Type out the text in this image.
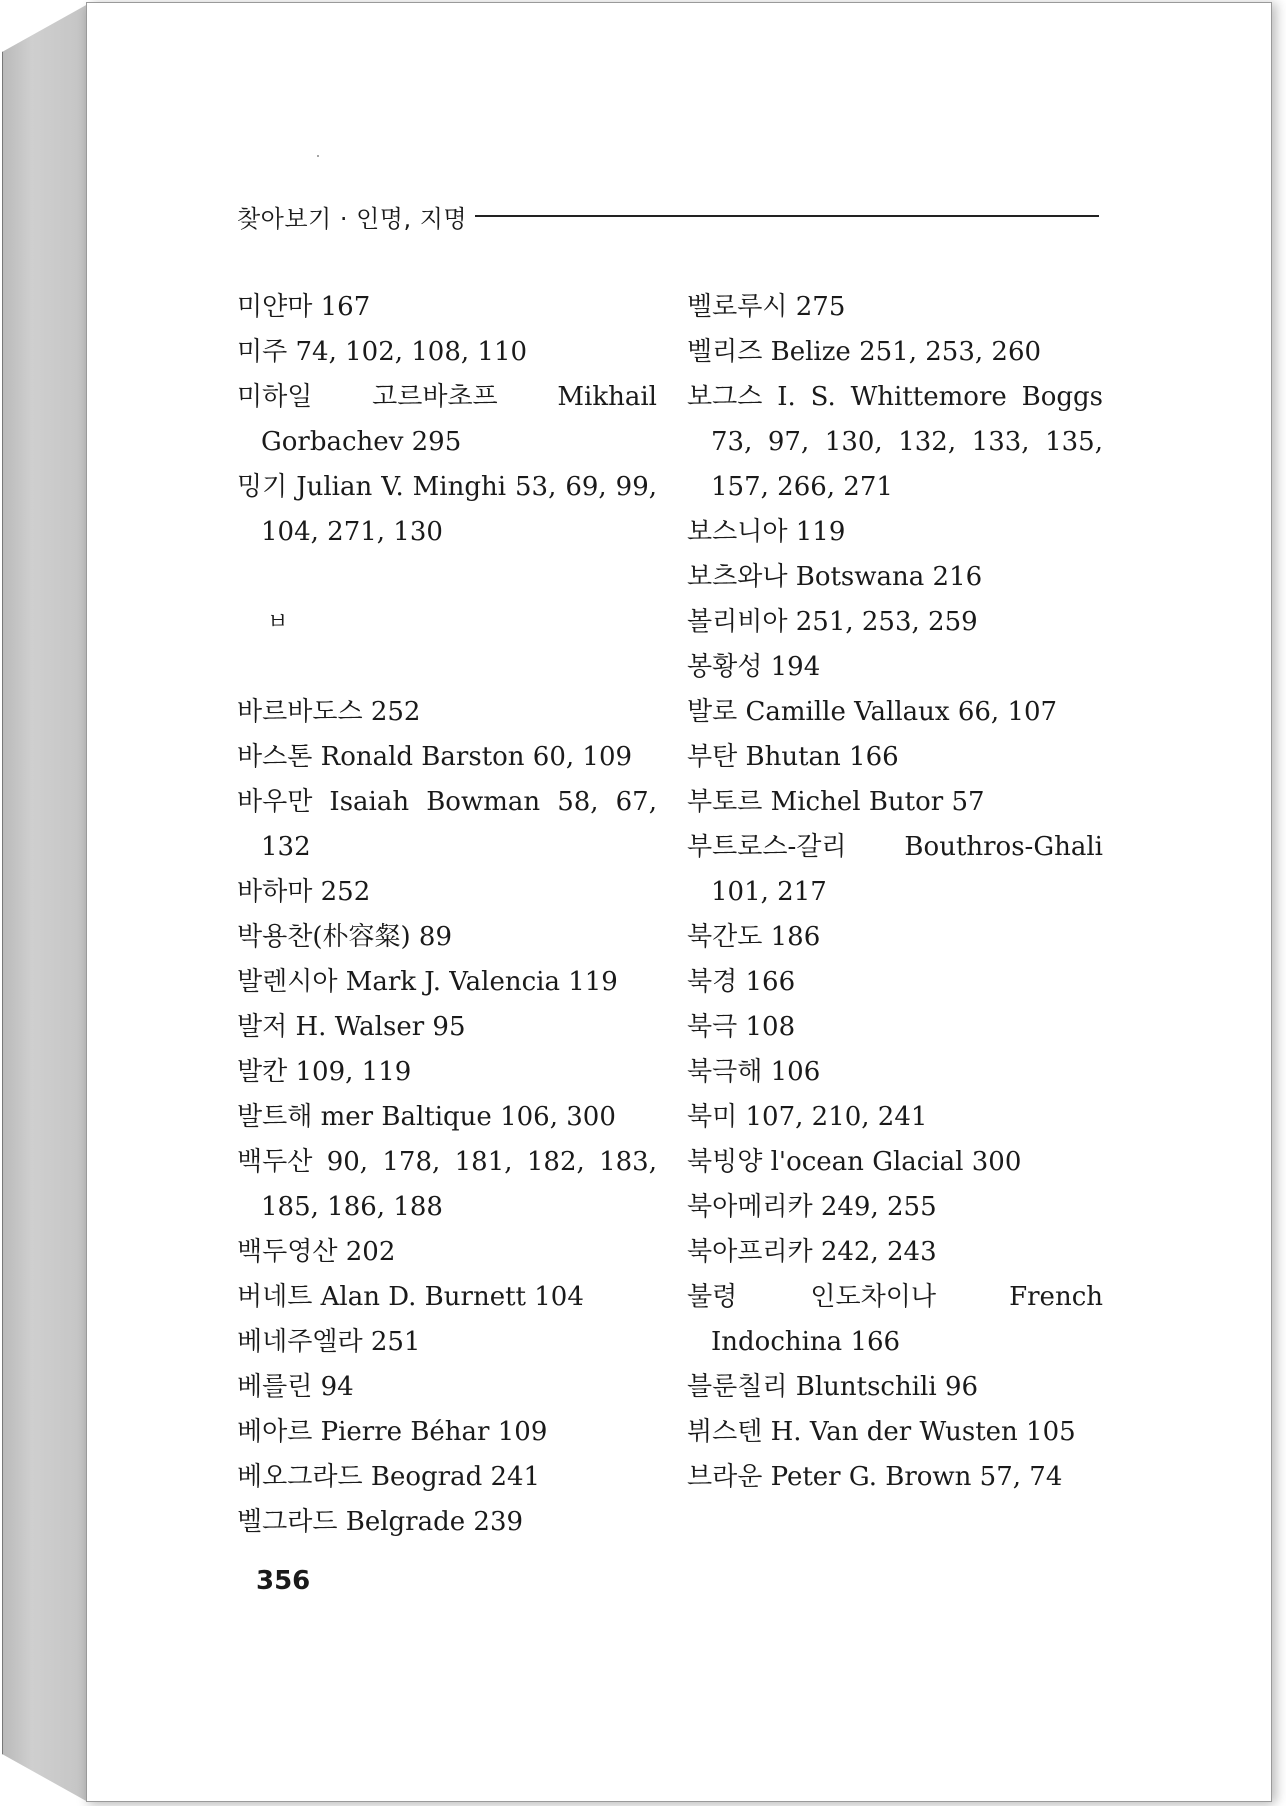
찾아보기 · 인명, 지명

미얀마 167

미주 74, 102, 108, 110

미하일 고르바초프 Mikhail Gorbachev 295

밍기 Julian V. Minghi 53, 69, 99, 104, 271, 130

ㅂ

바르바도스 252

바스톤 Ronald Barston 60, 109

바우만 Isaiah Bowman 58, 67, 132

바하마 252

박용찬(朴容粲) 89

발렌시아 Mark J. Valencia 119

발저 H. Walser 95

발칸 109, 119

발트해 mer Baltique 106, 300

백두산 90, 178, 181, 182, 183, 185, 186, 188

백두영산 202

버네트 Alan D. Burnett 104

베네주엘라 251

베를린 94

베아르 Pierre Béhar 109

베오그라드 Beograd 241

벨그라드 Belgrade 239

벨로루시 275

벨리즈 Belize 251, 253, 260

보그스 I. S. Whittemore Boggs 73, 97, 130, 132, 133, 135, 157, 266, 271

보스니아 119

보츠와나 Botswana 216

볼리비아 251, 253, 259

봉황성 194

발로 Camille Vallaux 66, 107

부탄 Bhutan 166

부토르 Michel Butor 57

부트로스-갈리 Bouthros-Ghali 101, 217

북간도 186

북경 166

북극 108

북극해 106

북미 107, 210, 241

북빙양 l'ocean Glacial 300

북아메리카 249, 255

북아프리카 242, 243

불령 인도차이나 French Indochina 166

블룬칠리 Bluntschili 96

뷔스텐 H. Van der Wusten 105

브라운 Peter G. Brown 57, 74

356
